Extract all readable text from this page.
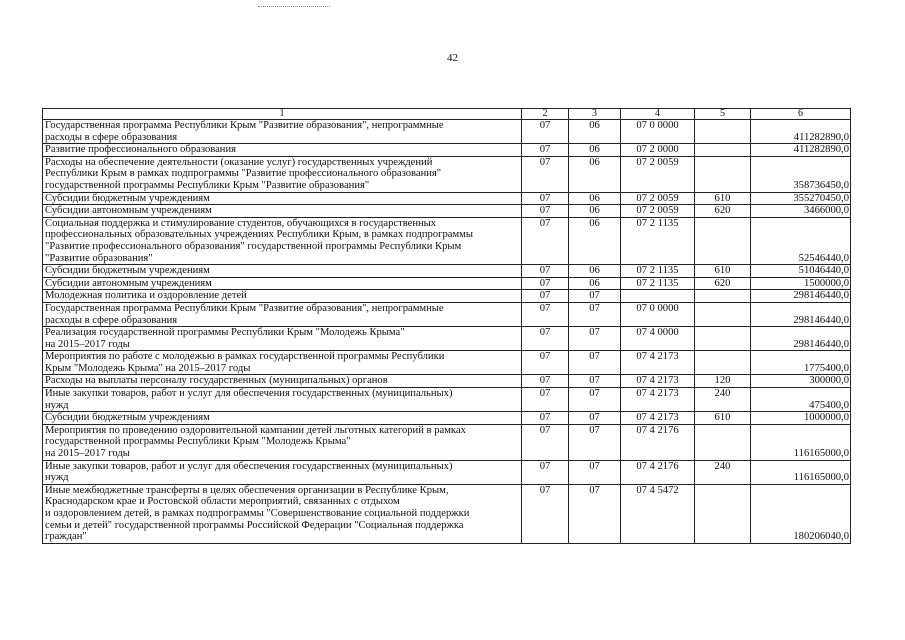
42
1	2	3	4	5	6
Государственная программа Республики Крым "Развитие образования", непрограммные
расходы в сфере образования	07	06	07 0 0000		411282890,0
Развитие профессионального образования	07	06	07 2 0000		411282890,0
Расходы на обеспечение деятельности (оказание услуг) государственных учреждений
Республики Крым в рамках подпрограммы "Развитие профессионального образования"
государственной программы Республики Крым "Развитие образования"	07	06	07 2 0059		358736450,0
Субсидии бюджетным учреждениям	07	06	07 2 0059	610	355270450,0
Субсидии автономным учреждениям	07	06	07 2 0059	620	3466000,0
Социальная поддержка и стимулирование студентов, обучающихся в государственных
профессиональных образовательных учреждениях Республики Крым, в рамках подпрограммы
"Развитие профессионального образования" государственной программы Республики Крым
"Развитие образования"	07	06	07 2 1135		52546440,0
Субсидии бюджетным учреждениям	07	06	07 2 1135	610	51046440,0
Субсидии автономным учреждениям	07	06	07 2 1135	620	1500000,0
Молодежная политика и оздоровление детей	07	07			298146440,0
Государственная программа Республики Крым "Развитие образования", непрограммные
расходы в сфере образования	07	07	07 0 0000		298146440,0
Реализация государственной программы Республики Крым "Молодежь Крыма"
на 2015–2017 годы	07	07	07 4 0000		298146440,0
Мероприятия по работе с молодежью в рамках государственной программы Республики
Крым "Молодежь Крыма" на 2015–2017 годы	07	07	07 4 2173		1775400,0
Расходы на выплаты персоналу государственных (муниципальных) органов	07	07	07 4 2173	120	300000,0
Иные закупки товаров, работ и услуг для обеспечения государственных (муниципальных)
нужд	07	07	07 4 2173	240	475400,0
Субсидии бюджетным учреждениям	07	07	07 4 2173	610	1000000,0
Мероприятия по проведению оздоровительной кампании детей льготных категорий в рамках
государственной программы Республики Крым "Молодежь Крыма"
на 2015–2017 годы	07	07	07 4 2176		116165000,0
Иные закупки товаров, работ и услуг для обеспечения государственных (муниципальных)
нужд	07	07	07 4 2176	240	116165000,0
Иные межбюджетные трансферты в целях обеспечения организации в Республике Крым,
Краснодарском крае и Ростовской области мероприятий, связанных с отдыхом
и оздоровлением детей, в рамках подпрограммы "Совершенствование социальной поддержки
семьи и детей" государственной программы Российской Федерации "Социальная поддержка
граждан"	07	07	07 4 5472		180206040,0
